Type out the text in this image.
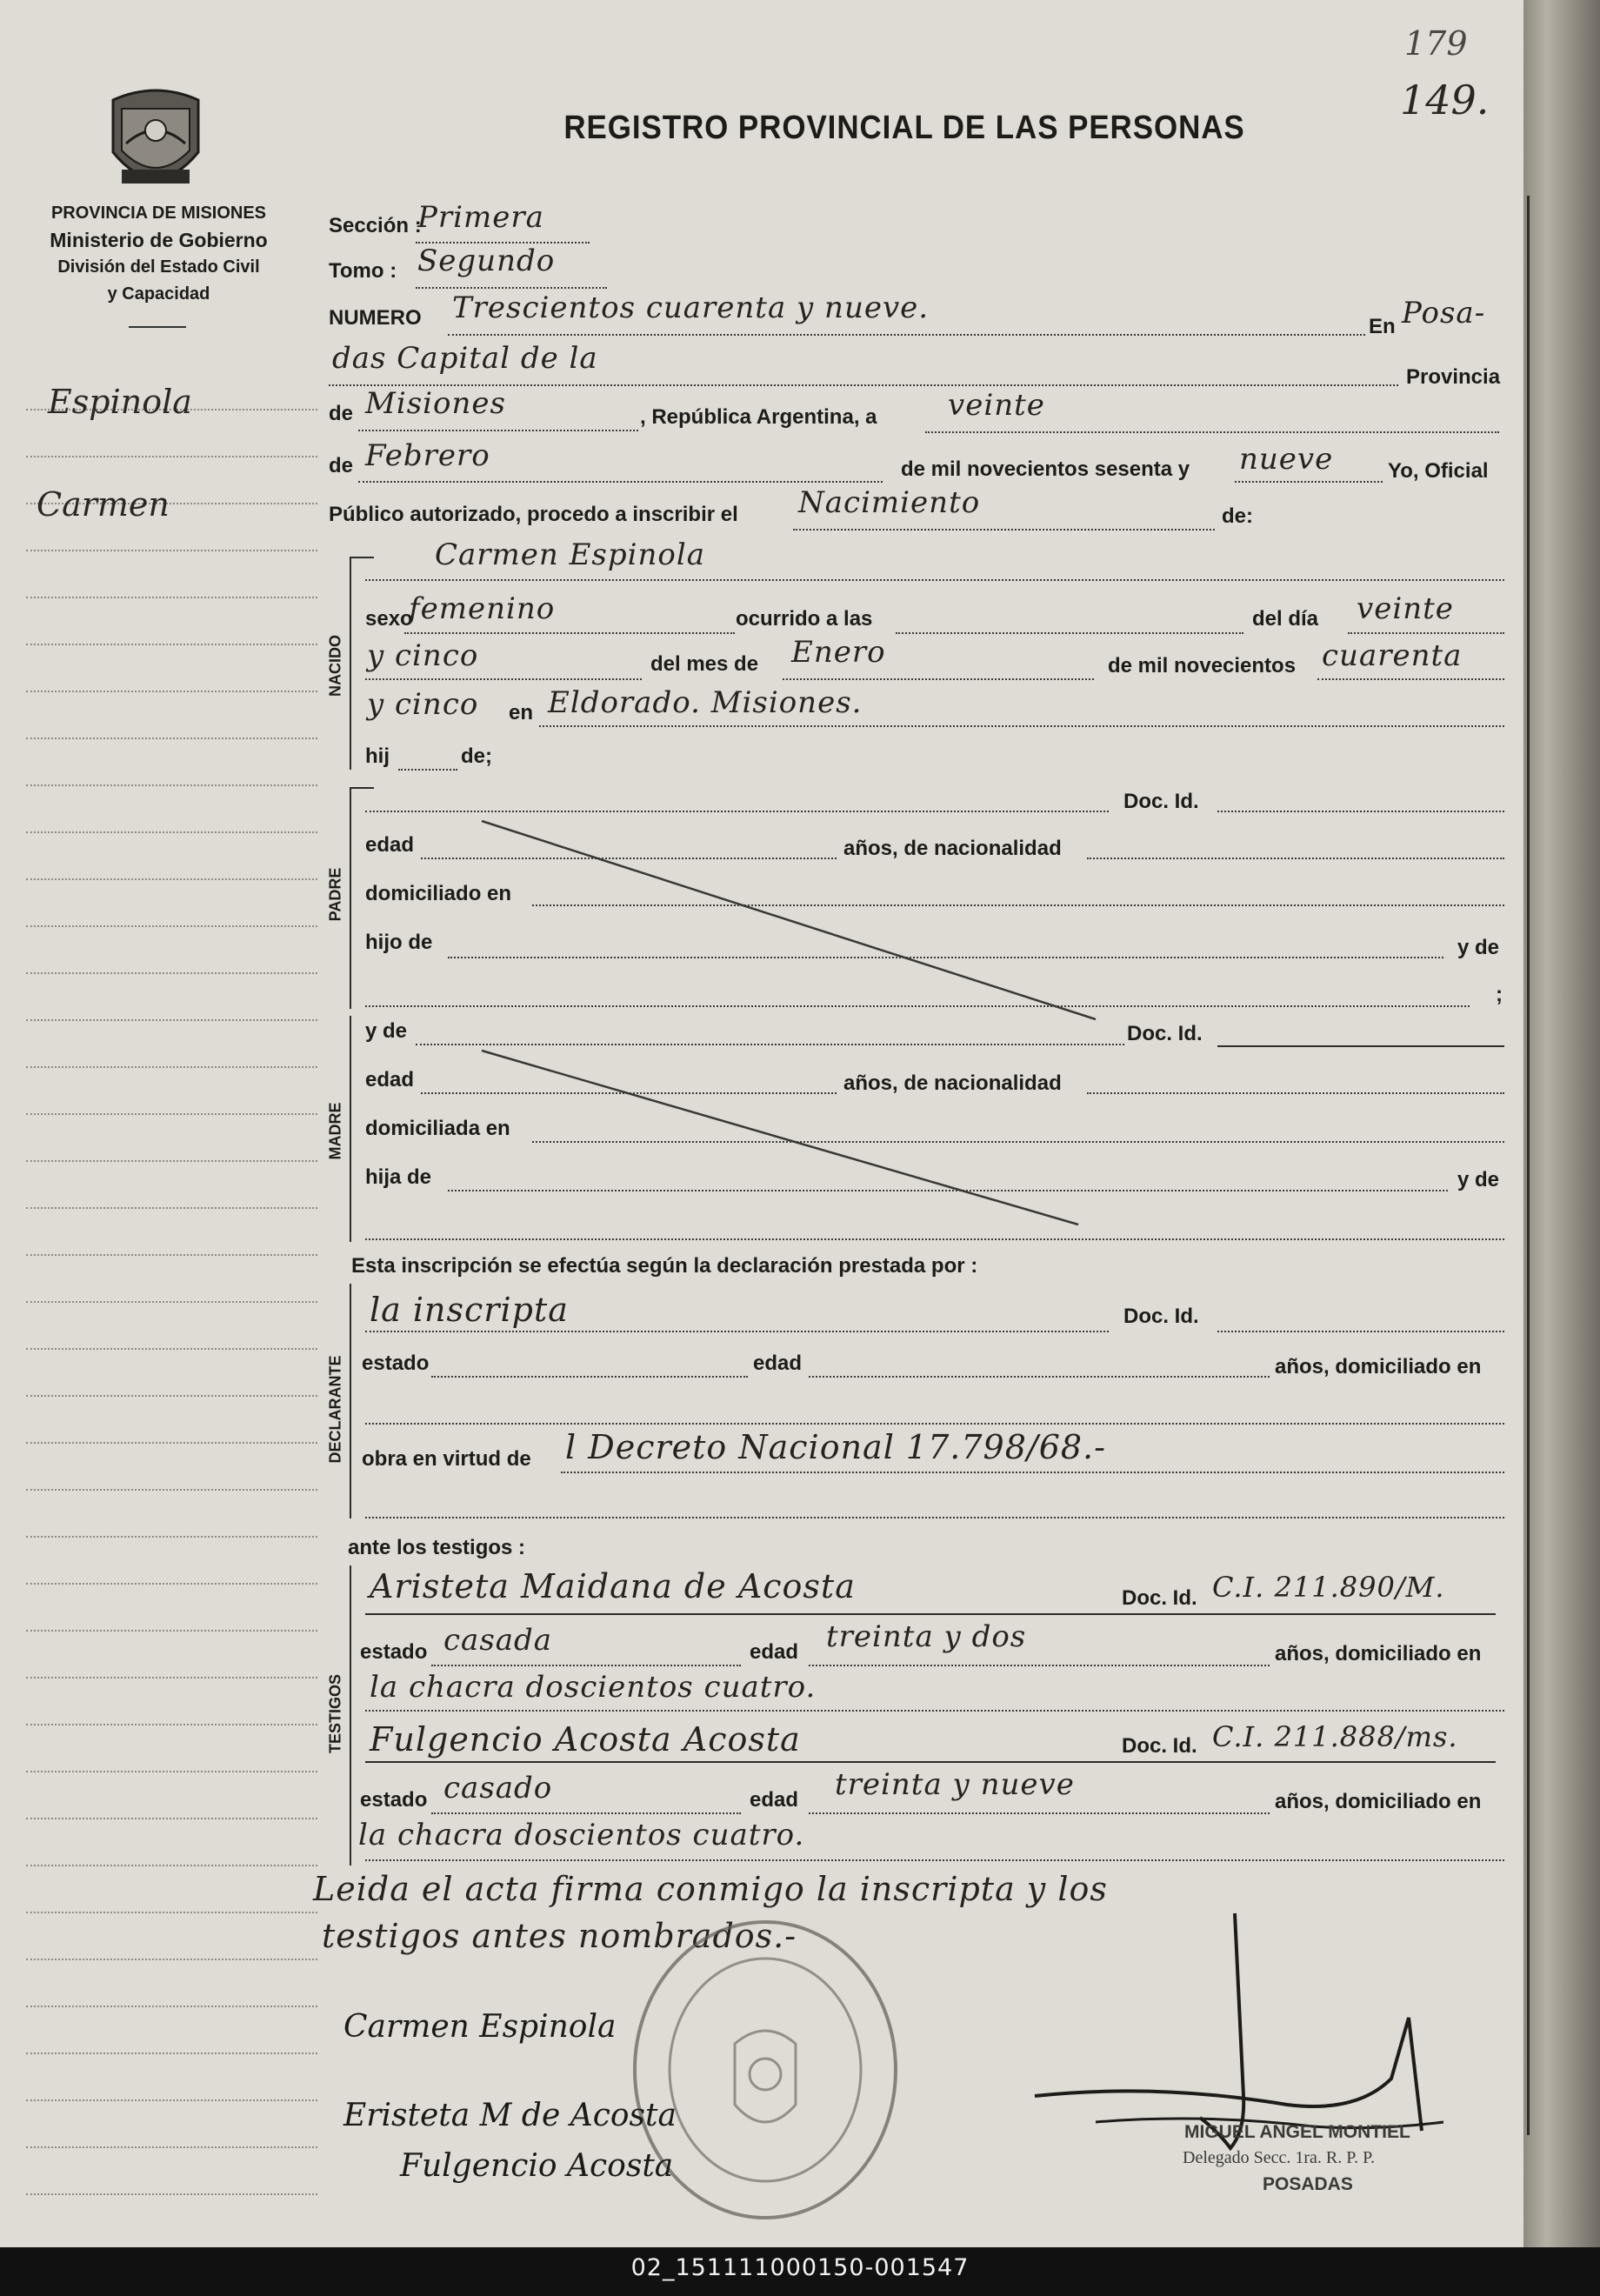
179
149.
PROVINCIA DE MISIONES
Ministerio de Gobierno
División del Estado Civil
y Capacidad
REGISTRO PROVINCIAL DE LAS PERSONAS
Espinola
Carmen
Sección :
Primera
Tomo : Segundo
NUMERO Trescientos cuarenta y nueve.
En Posa-
das Capital de la
Provincia
de Misiones	, República Argentina, a veinte
de Febrero	de mil novecientos sesenta y nueve	Yo, Oficial
Público autorizado, procedo a inscribir el Nacimiento	de:
NACIDO
Carmen Espinola
sexo
femenino	ocurrido a las	del día veinte
y cinco	del mes de Enero	de mil novecientos cuarenta
y cinco en Eldorado. Misiones.
hij	de;
PADRE
Doc. Id.
edad	años, de nacionalidad
domiciliado en
hijo de	y de
;
MADRE
y de	Doc. Id.
edad	años, de nacionalidad
domiciliada en
hija de	y de
Esta inscripción se efectúa según la declaración prestada por :
DECLARANTE
la inscripta	Doc. Id.
estado	edad	años, domiciliado en
obra en virtud de l Decreto Nacional 17.798/68.-
ante los testigos :
TESTIGOS
Aristeta Maidana de Acosta	Doc. Id. C.I. 211.890/M.
estado casada	edad treinta y dos	años, domiciliado en
la chacra doscientos cuatro.
Fulgencio Acosta Acosta	Doc. Id. C.I. 211.888/ms.
estado casado	edad treinta y nueve	años, domiciliado en
la chacra doscientos cuatro.
Leida el acta firma conmigo la inscripta y los
testigos antes nombrados.-
Carmen Espinola
Eristeta M de Acosta
Fulgencio Acosta
MIGUEL ANGEL MONTIEL
Delegado Secc. 1ra. R. P. P.
POSADAS
02_151111000150-001547
